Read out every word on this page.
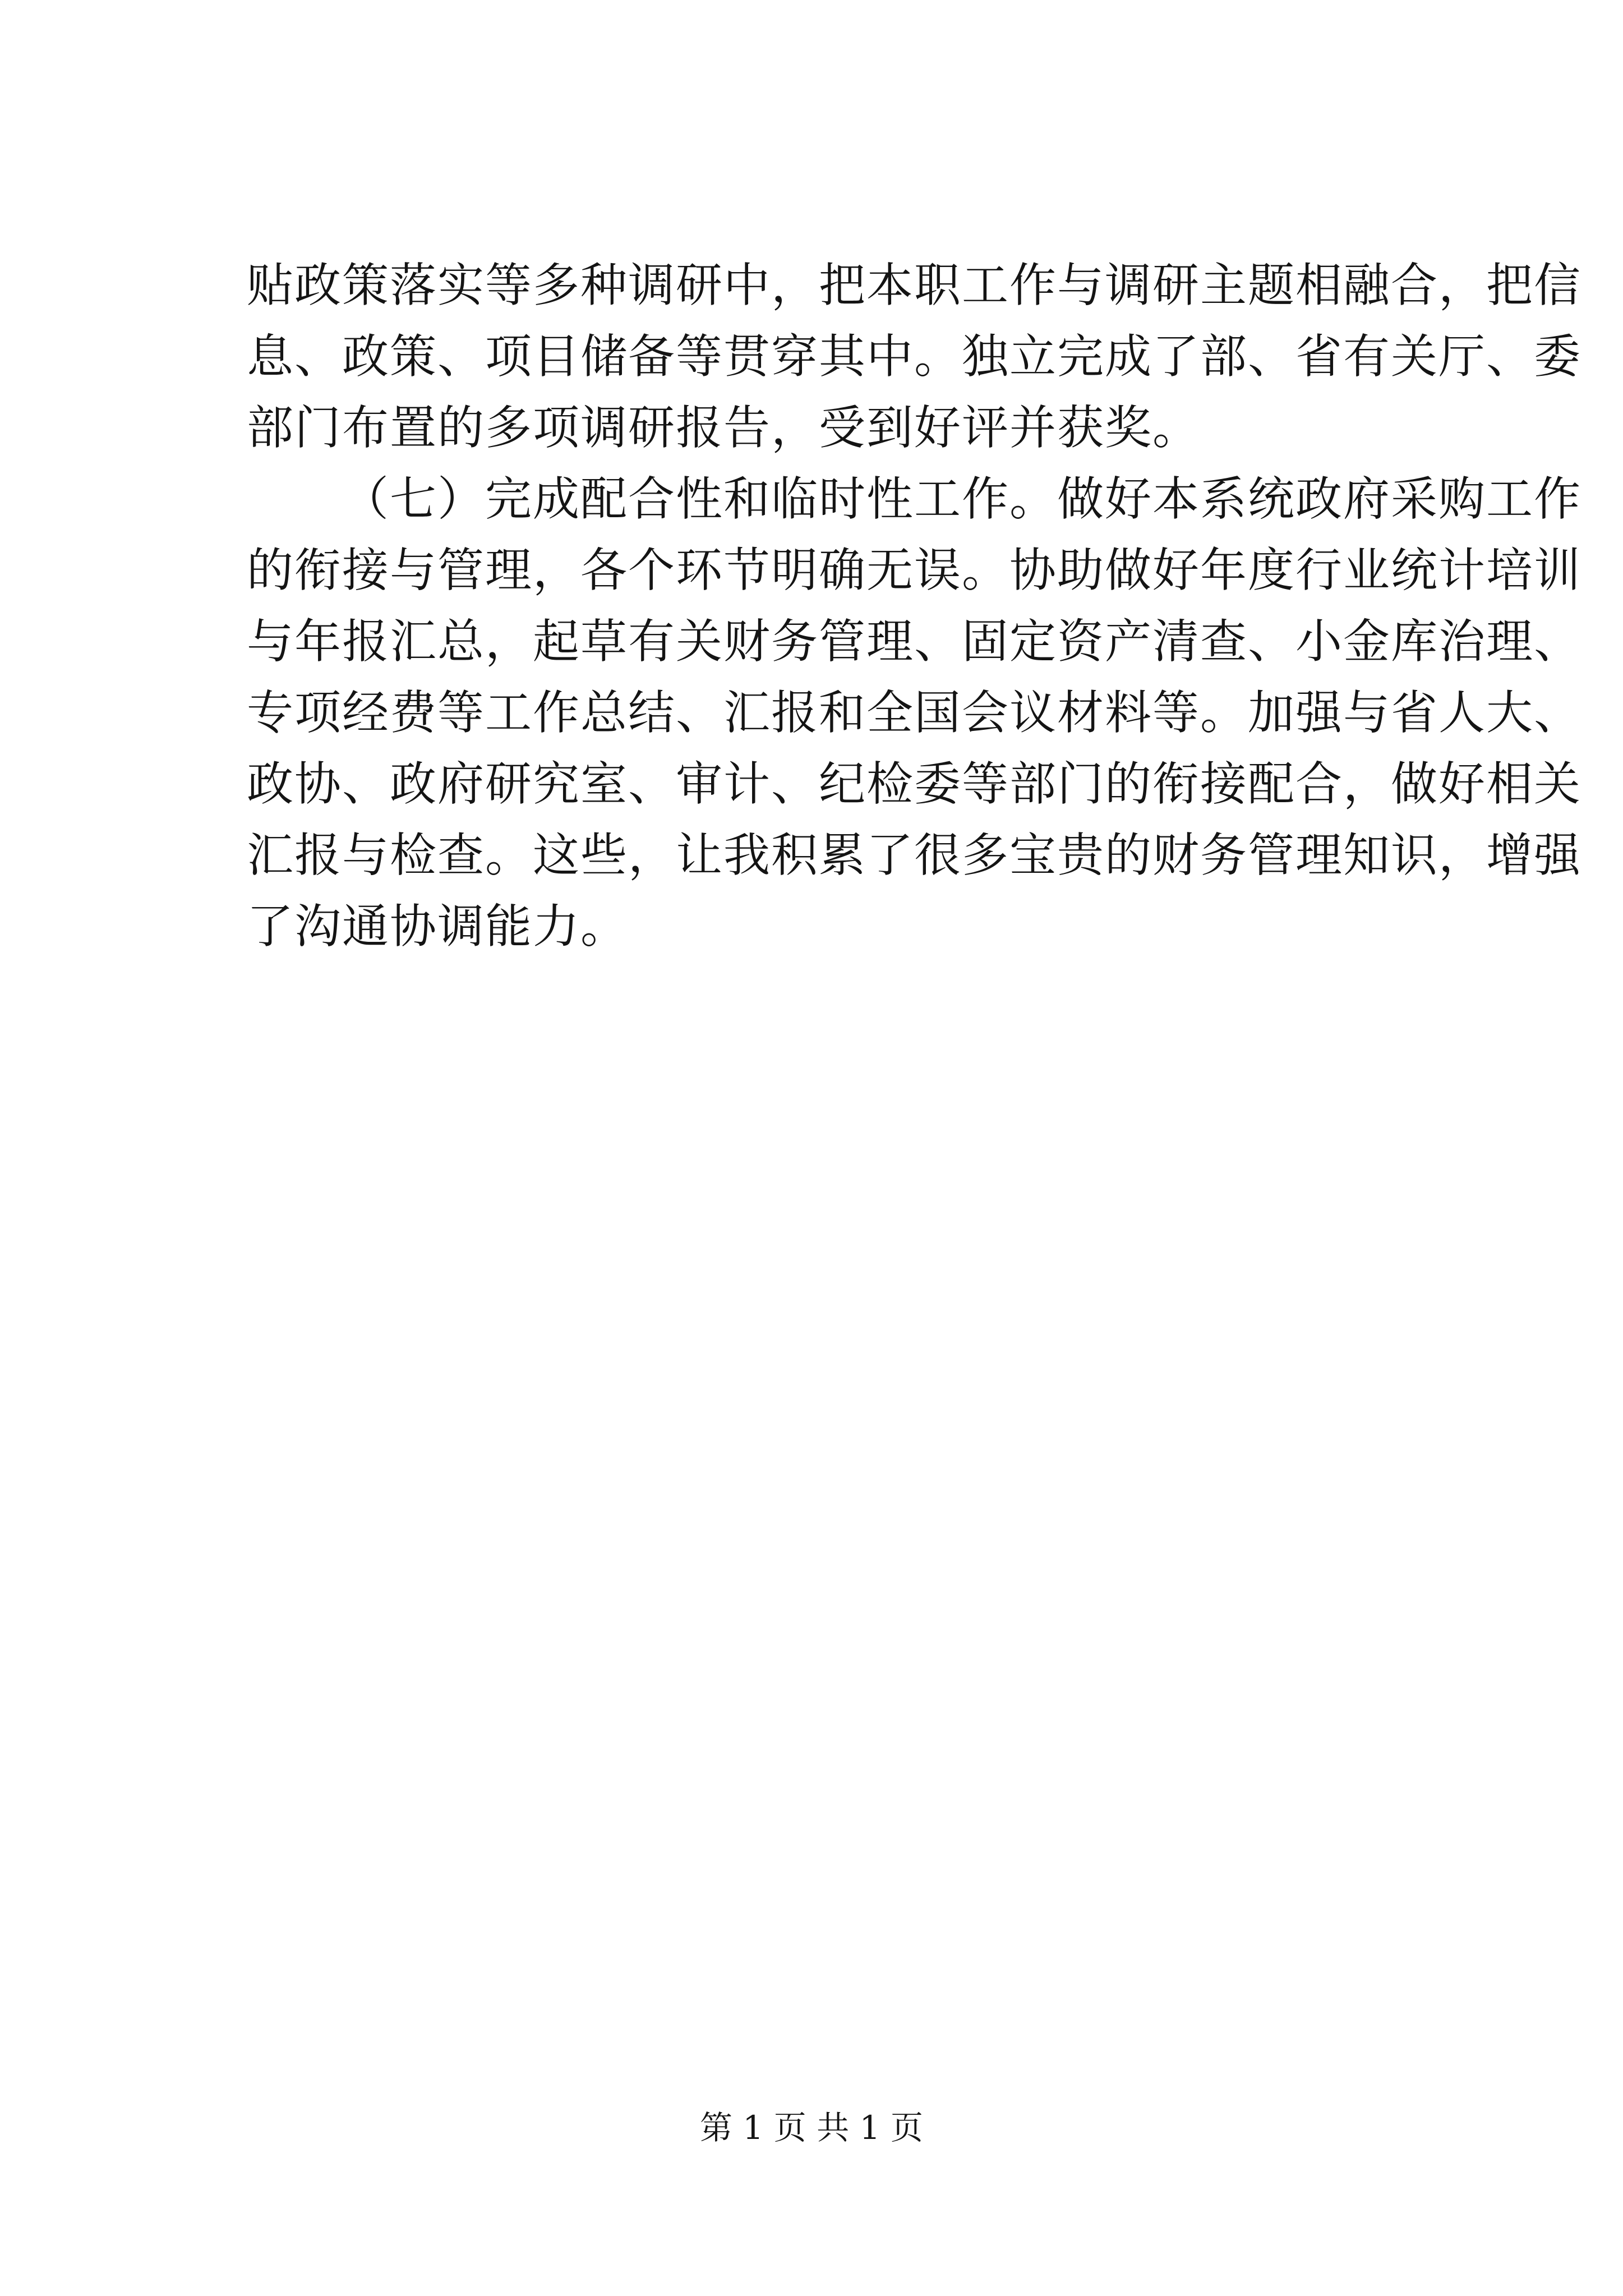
贴政策落实等多种调研中，把本职工作与调研主题相融合，把信
息、政策、项目储备等贯穿其中。独立完成了部、省有关厅、委
部门布置的多项调研报告，受到好评并获奖。
（七）完成配合性和临时性工作。做好本系统政府采购工作
的衔接与管理，各个环节明确无误。协助做好年度行业统计培训
与年报汇总，起草有关财务管理、固定资产清查、小金库治理、
专项经费等工作总结、汇报和全国会议材料等。加强与省人大、
政协、政府研究室、审计、纪检委等部门的衔接配合，做好相关
汇报与检查。这些，让我积累了很多宝贵的财务管理知识，增强
了沟通协调能力。
第 1 页 共 1 页
